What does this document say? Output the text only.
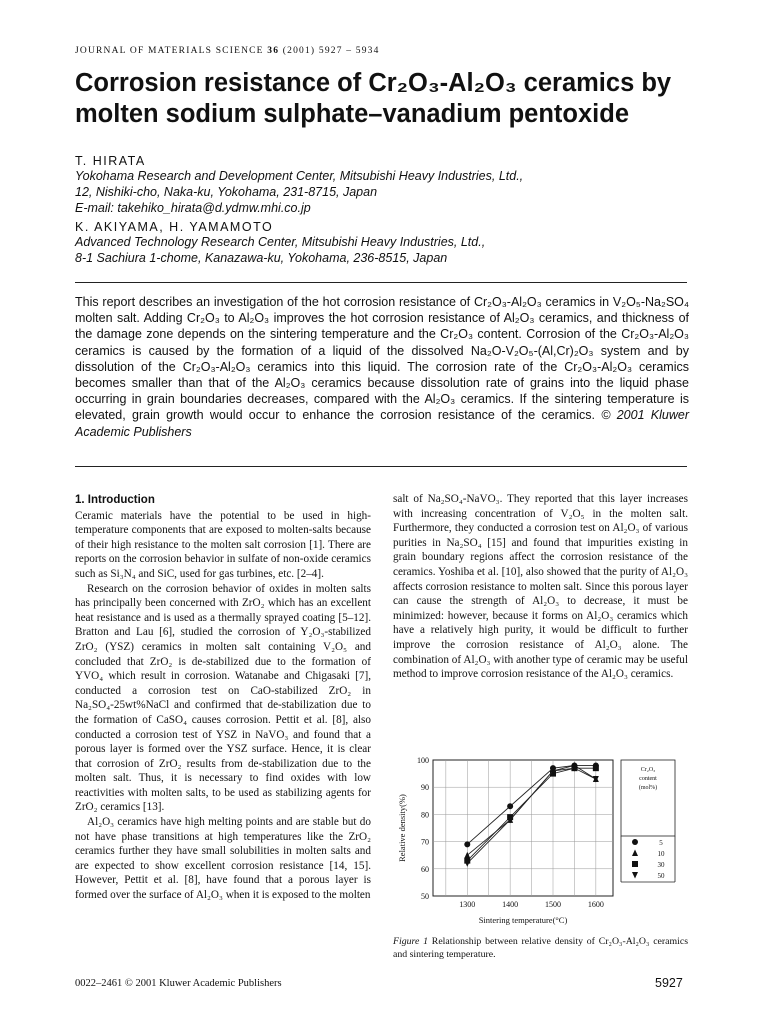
JOURNAL OF MATERIALS SCIENCE 36 (2001) 5927 – 5934
Corrosion resistance of Cr₂O₃-Al₂O₃ ceramics by
molten sodium sulphate–vanadium pentoxide
T. HIRATA
Yokohama Research and Development Center, Mitsubishi Heavy Industries, Ltd.,
12, Nishiki-cho, Naka-ku, Yokohama, 231-8715, Japan
E-mail: takehiko_hirata@d.ydmw.mhi.co.jp
K. AKIYAMA, H. YAMAMOTO
Advanced Technology Research Center, Mitsubishi Heavy Industries, Ltd.,
8-1 Sachiura 1-chome, Kanazawa-ku, Yokohama, 236-8515, Japan

This report describes an investigation of the hot corrosion resistance of Cr₂O₃-Al₂O₃ ceramics in V₂O₅-Na₂SO₄ molten salt. Adding Cr₂O₃ to Al₂O₃ improves the hot corrosion resistance of Al₂O₃ ceramics, and thickness of the damage zone depends on the sintering temperature and the Cr₂O₃ content. Corrosion of the Cr₂O₃-Al₂O₃ ceramics is caused by the formation of a liquid of the dissolved Na₂O-V₂O₅-(Al,Cr)₂O₃ system and by dissolution of the Cr₂O₃-Al₂O₃ ceramics into this liquid. The corrosion rate of the Cr₂O₃-Al₂O₃ ceramics becomes smaller than that of the Al₂O₃ ceramics because dissolution rate of grains into the liquid phase occurring in grain boundaries decreases, compared with the Al₂O₃ ceramics. If the sintering temperature is elevated, grain growth would occur to enhance the corrosion resistance of the ceramics. © 2001 Kluwer Academic Publishers

1. Introduction

Ceramic materials have the potential to be used in high-temperature components that are exposed to molten-salts because of their high resistance to the molten salt corrosion [1]. There are reports on the corrosion behavior in sulfate of non-oxide ceramics such as Si₃N₄ and SiC, used for gas turbines, etc. [2–4].

Research on the corrosion behavior of oxides in molten salts has principally been concerned with ZrO₂ which has an excellent heat resistance and is used as a thermally sprayed coating [5–12]. Bratton and Lau [6], studied the corrosion of Y₂O₃-stabilized ZrO₂ (YSZ) ceramics in molten salt containing V₂O₅ and concluded that ZrO₂ is de-stabilized due to the formation of YVO₄ which result in corrosion. Watanabe and Chigasaki [7], conducted a corrosion test on CaO-stabilized ZrO₂ in Na₂SO₄-25wt%NaCl and confirmed that de-stabilization due to the formation of CaSO₄ causes corrosion. Pettit et al. [8], also conducted a corrosion test of YSZ in NaVO₃ and found that a porous layer is formed over the YSZ surface. Hence, it is clear that corrosion of ZrO₂ results from de-stabilization due to the molten salt. Thus, it is necessary to find oxides with low reactivities with molten salts, to be used as stabilizing agents for ZrO₂ ceramics [13].

Al₂O₃ ceramics have high melting points and are stable but do not have phase transitions at high temperatures like the ZrO₂ ceramics further they have small solubilities in molten salts and are expected to show excellent corrosion resistance [14, 15]. However, Pettit et al. [8], have found that a porous layer is formed over the surface of Al₂O₃ when it is exposed to the molten

salt of Na₂SO₄-NaVO₃. They reported that this layer increases with increasing concentration of V₂O₅ in the molten salt. Furthermore, they conducted a corrosion test on Al₂O₃ of various purities in Na₂SO₄ [15] and found that impurities existing in grain boundary regions affect the corrosion resistance of the ceramics. Yoshiba et al. [10], also showed that the purity of Al₂O₃ affects corrosion resistance to molten salt. Since this porous layer can cause the strength of Al₂O₃ to decrease, it must be minimized: however, because it forms on Al₂O₃ ceramics which have a relatively high purity, it would be difficult to further improve the corrosion resistance of Al₂O₃ alone. The combination of Al₂O₃ with another type of ceramic may be useful method to improve corrosion resistance of the Al₂O₃ ceramics.

50
60
70
80
90
100
1300	1400	1500	1600
Sintering temperature(°C)
Relative density(%)
Cr₂O₃
content
(mol%)
5
10
30
50
Figure 1 Relationship between relative density of Cr₂O₃-Al₂O₃ ceramics and sintering temperature.
0022–2461 © 2001 Kluwer Academic Publishers	5927
